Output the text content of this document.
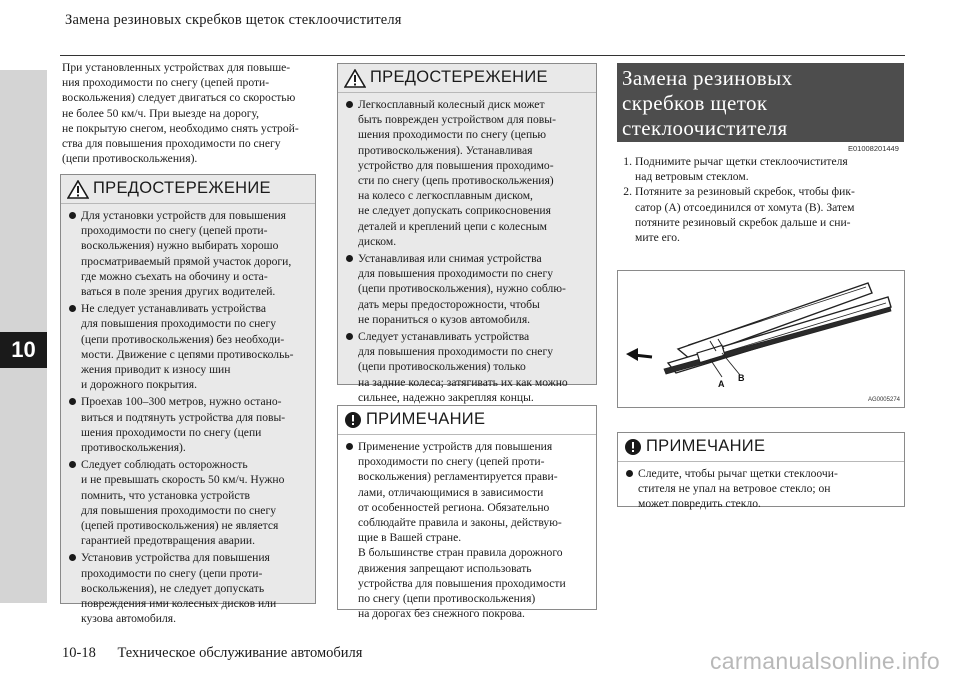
Замена резиновых скребков щеток стеклоочистителя
10

При установленных устройствах для повыше-

ния проходимости по снегу (цепей проти-

воскольжения) следует двигаться со скоростью

не более 50 км/ч. При выезде на дорогу,

не покрытую снегом, необходимо снять устрой-

ства для повышения проходимости по снегу

(цепи противоскольжения).

ПРЕДОСТЕРЕЖЕНИЕ
Для установки устройств для повышения
проходимости по снегу (цепей проти-
воскольжения) нужно выбирать хорошо
просматриваемый прямой участок дороги,
где можно съехать на обочину и оста-
ваться в поле зрения других водителей.
Не следует устанавливать устройства
для повышения проходимости по снегу
(цепи противоскольжения) без необходи-
мости. Движение с цепями противоскольь-
жения приводит к износу шин
и дорожного покрытия.
Проехав 100‒300 метров, нужно остано-
виться и подтянуть устройства для повы-
шения проходимости по снегу (цепи
противоскольжения).
Следует соблюдать осторожность
и не превышать скорость 50 км/ч. Нужно
помнить, что установка устройств
для повышения проходимости по снегу
(цепей противоскольжения) не является
гарантией предотвращения аварии.
Установив устройства для повышения
проходимости по снегу (цепи проти-
воскольжения), не следует допускать
повреждения ими колесных дисков или
кузова автомобиля.
ПРЕДОСТЕРЕЖЕНИЕ
Легкосплавный колесный диск может
быть поврежден устройством для повы-
шения проходимости по снегу (цепью
противоскольжения). Устанавливая
устройство для повышения проходимо-
сти по снегу (цепь противоскольжения)
на колесо с легкосплавным диском,
не следует допускать соприкосновения
деталей и креплений цепи с колесным
диском.
Устанавливая или снимая устройства
для повышения проходимости по снегу
(цепи противоскольжения), нужно соблю-
дать меры предосторожности, чтобы
не пораниться о кузов автомобиля.
Следует устанавливать устройства
для повышения проходимости по снегу
(цепи противоскольжения) только
на задние колеса; затягивать их как можно
сильнее, надежно закрепляя концы.
ПРИМЕЧАНИЕ
Применение устройств для повышения
проходимости по снегу (цепей проти-
воскольжения) регламентируется прави-
лами, отличающимися в зависимости
от особенностей региона. Обязательно
соблюдайте правила и законы, действую-
щие в Вашей стране.
В большинстве стран правила дорожного
движения запрещают использовать
устройства для повышения проходимости
по снегу (цепи противоскольжения)
на дорогах без снежного покрова.
Замена резиновых
скребков щеток
стеклоочистителя
E01008201449
1. Поднимите рычаг щетки стеклоочистителя
над ветровым стеклом.
2. Потяните за резиновый скребок, чтобы фик-
сатор (A) отсоединился от хомута (B). Затем
потяните резиновый скребок дальше и сни-
мите его.
A
B
AG0005274
ПРИМЕЧАНИЕ
Следите, чтобы рычаг щетки стеклоочи-
стителя не упал на ветровое стекло; он
может повредить стекло.
10-18 Техническое обслуживание автомобиля	carmanualsonline.info
